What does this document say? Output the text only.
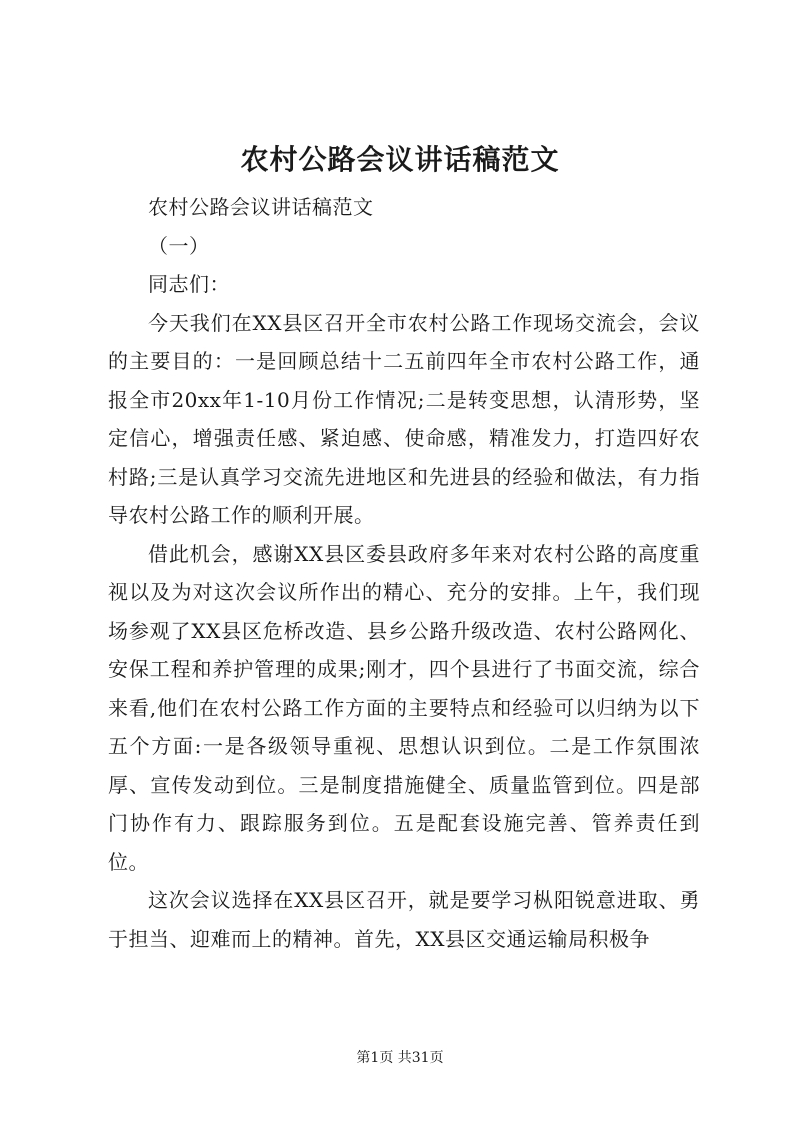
农村公路会议讲话稿范文

农村公路会议讲话稿范文

（一）

同志们：

今天我们在XX县区召开全市农村公路工作现场交流会，会议的主要目的：一是回顾总结十二五前四年全市农村公路工作，通报全市20xx年1-10月份工作情况;二是转变思想，认清形势，坚定信心，增强责任感、紧迫感、使命感，精准发力，打造四好农村路;三是认真学习交流先进地区和先进县的经验和做法，有力指导农村公路工作的顺利开展。

借此机会，感谢XX县区委县政府多年来对农村公路的高度重视以及为对这次会议所作出的精心、充分的安排。上午，我们现场参观了XX县区危桥改造、县乡公路升级改造、农村公路网化、安保工程和养护管理的成果;刚才，四个县进行了书面交流，综合来看,他们在农村公路工作方面的主要特点和经验可以归纳为以下五个方面:一是各级领导重视、思想认识到位。二是工作氛围浓厚、宣传发动到位。三是制度措施健全、质量监管到位。四是部门协作有力、跟踪服务到位。五是配套设施完善、管养责任到位。

这次会议选择在XX县区召开，就是要学习枞阳锐意进取、勇于担当、迎难而上的精神。首先，XX县区交通运输局积极争

第1页 共31页
